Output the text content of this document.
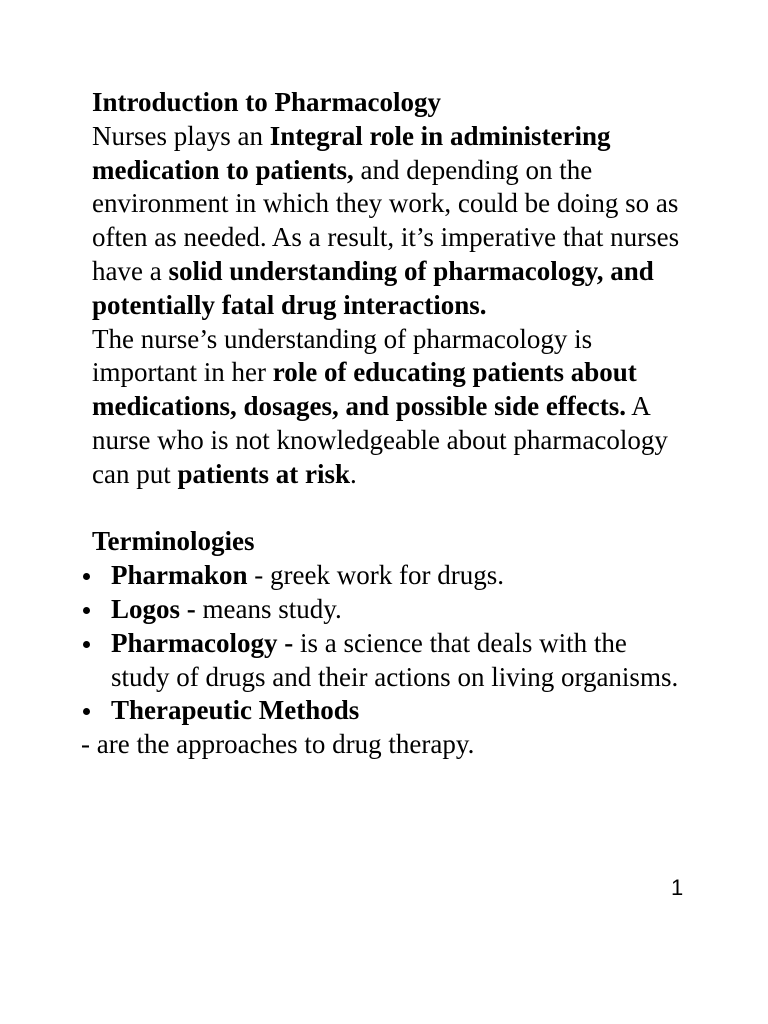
Introduction to Pharmacology

Nurses plays an Integral role in administering medication to patients, and depending on the environment in which they work, could be doing so as often as needed. As a result, it’s imperative that nurses have a solid understanding of pharmacology, and potentially fatal drug interactions.

The nurse’s understanding of pharmacology is important in her role of educating patients about medications, dosages, and possible side effects. A nurse who is not knowledgeable about pharmacology can put patients at risk.

Terminologies
Pharmakon - greek work for drugs.
Logos - means study.
Pharmacology - is a science that deals with the study of drugs and their actions on living organisms.
Therapeutic Methods
- are the approaches to drug therapy.
1
